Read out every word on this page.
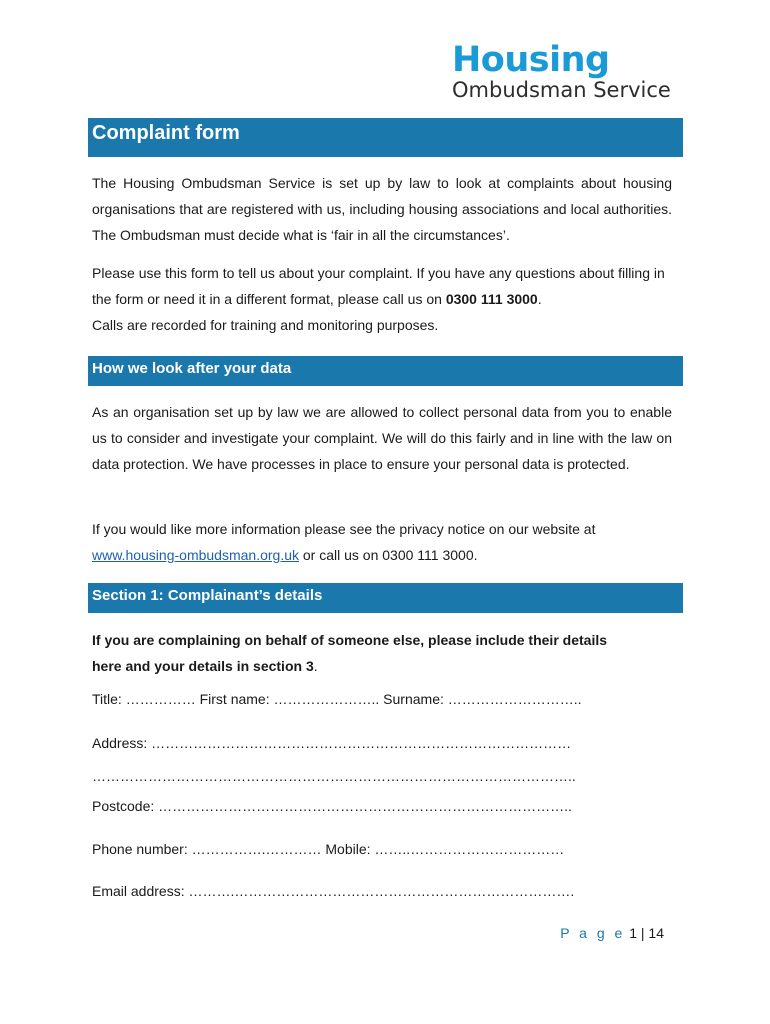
Housing
Ombudsman Service
Complaint form

The Housing Ombudsman Service is set up by law to look at complaints about housing organisations that are registered with us, including housing associations and local authorities. The Ombudsman must decide what is ‘fair in all the circumstances’.

Please use this form to tell us about your complaint. If you have any questions about filling in the form or need it in a different format, please call us on 0300 111 3000.
Calls are recorded for training and monitoring purposes.

How we look after your data

As an organisation set up by law we are allowed to collect personal data from you to enable us to consider and investigate your complaint. We will do this fairly and in line with the law on data protection. We have processes in place to ensure your personal data is protected.

If you would like more information please see the privacy notice on our website at www.housing-ombudsman.org.uk or call us on 0300 111 3000.

Section 1: Complainant’s details

If you are complaining on behalf of someone else, please include their details
here and your details in section 3.

Title: …………… First name: ………………….. Surname: ………………………..
Address: ………………………………………………………………………………
…………………………………………………………………………………………..
Postcode: ……………………………………………………………………………..
Phone number: …………….………… Mobile: ……..……………………………
Email address: ……….……………………………………………………………….
P a g e 1 | 14
